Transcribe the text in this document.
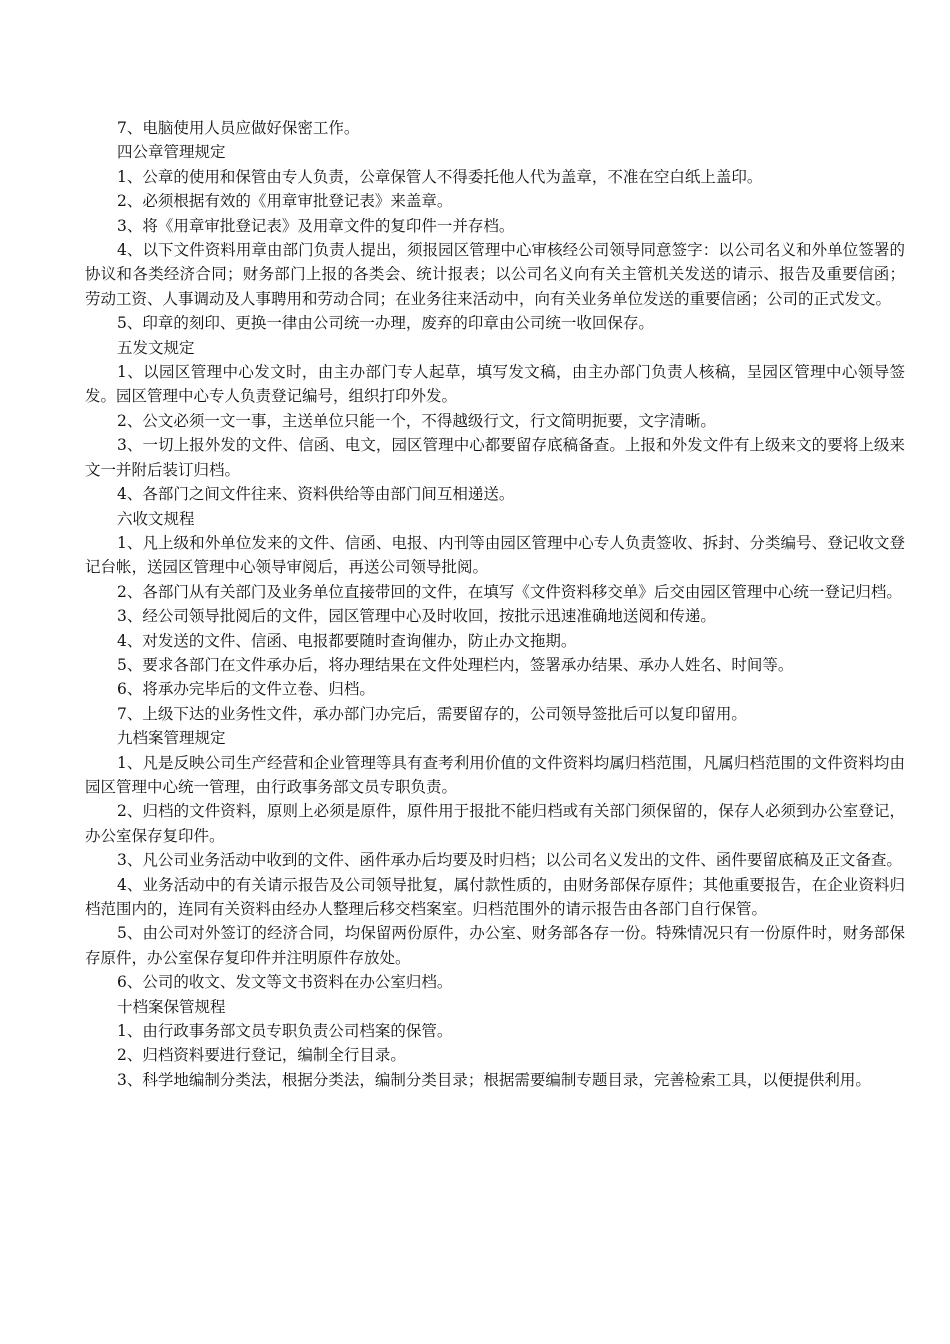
7、电脑使用人员应做好保密工作。

四公章管理规定

1、公章的使用和保管由专人负责，公章保管人不得委托他人代为盖章，不准在空白纸上盖印。

2、必须根据有效的《用章审批登记表》来盖章。

3、将《用章审批登记表》及用章文件的复印件一并存档。

4、以下文件资料用章由部门负责人提出，须报园区管理中心审核经公司领导同意签字：以公司名义和外单位签署的协议和各类经济合同；财务部门上报的各类会、统计报表；以公司名义向有关主管机关发送的请示、报告及重要信函；劳动工资、人事调动及人事聘用和劳动合同；在业务往来活动中，向有关业务单位发送的重要信函；公司的正式发文。

5、印章的刻印、更换一律由公司统一办理，废弃的印章由公司统一收回保存。

五发文规定

1、以园区管理中心发文时，由主办部门专人起草，填写发文稿，由主办部门负责人核稿，呈园区管理中心领导签发。园区管理中心专人负责登记编号，组织打印外发。

2、公文必须一文一事，主送单位只能一个，不得越级行文，行文简明扼要，文字清晰。

3、一切上报外发的文件、信函、电文，园区管理中心都要留存底稿备查。上报和外发文件有上级来文的要将上级来文一并附后装订归档。

4、各部门之间文件往来、资料供给等由部门间互相递送。

六收文规程

1、凡上级和外单位发来的文件、信函、电报、内刊等由园区管理中心专人负责签收、拆封、分类编号、登记收文登记台帐，送园区管理中心领导审阅后，再送公司领导批阅。

2、各部门从有关部门及业务单位直接带回的文件，在填写《文件资料移交单》后交由园区管理中心统一登记归档。

3、经公司领导批阅后的文件，园区管理中心及时收回，按批示迅速准确地送阅和传递。

4、对发送的文件、信函、电报都要随时查询催办，防止办文拖期。

5、要求各部门在文件承办后，将办理结果在文件处理栏内，签署承办结果、承办人姓名、时间等。

6、将承办完毕后的文件立卷、归档。

7、上级下达的业务性文件，承办部门办完后，需要留存的，公司领导签批后可以复印留用。

九档案管理规定

1、凡是反映公司生产经营和企业管理等具有查考利用价值的文件资料均属归档范围，凡属归档范围的文件资料均由园区管理中心统一管理，由行政事务部文员专职负责。

2、归档的文件资料，原则上必须是原件，原件用于报批不能归档或有关部门须保留的，保存人必须到办公室登记，办公室保存复印件。

3、凡公司业务活动中收到的文件、函件承办后均要及时归档；以公司名义发出的文件、函件要留底稿及正文备查。

4、业务活动中的有关请示报告及公司领导批复，属付款性质的，由财务部保存原件；其他重要报告，在企业资料归档范围内的，连同有关资料由经办人整理后移交档案室。归档范围外的请示报告由各部门自行保管。

5、由公司对外签订的经济合同，均保留两份原件，办公室、财务部各存一份。特殊情况只有一份原件时，财务部保存原件，办公室保存复印件并注明原件存放处。

6、公司的收文、发文等文书资料在办公室归档。

十档案保管规程

1、由行政事务部文员专职负责公司档案的保管。

2、归档资料要进行登记，编制全行目录。

3、科学地编制分类法，根据分类法，编制分类目录；根据需要编制专题目录，完善检索工具，以便提供利用。
